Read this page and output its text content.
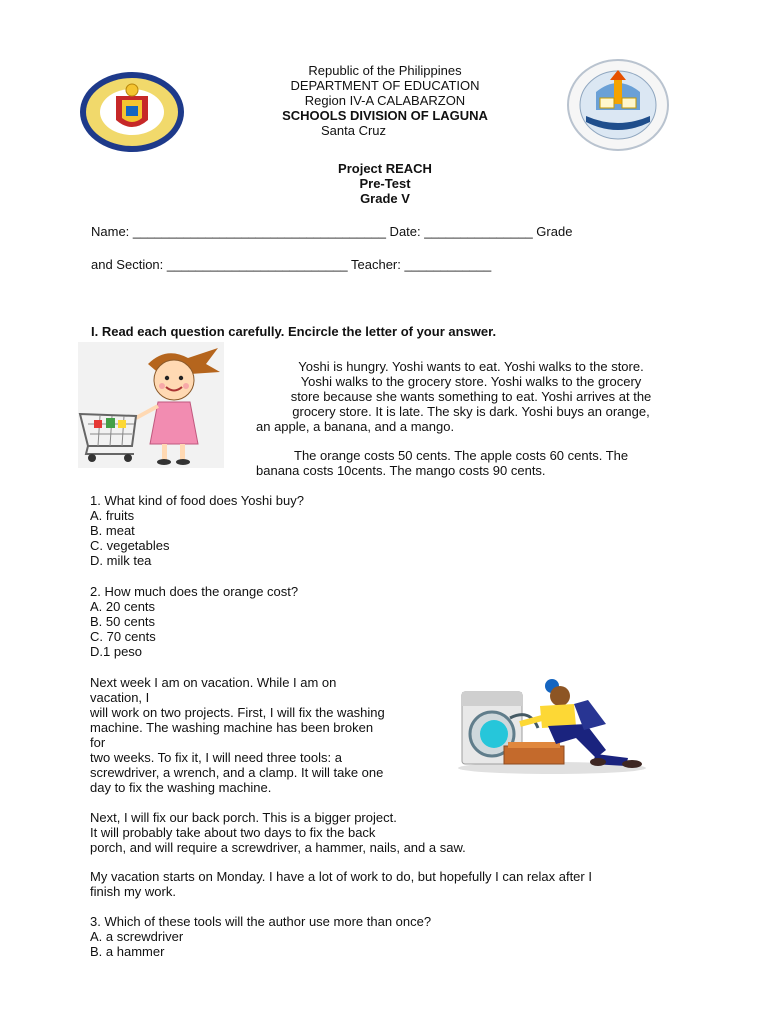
Republic of the Philippines
DEPARTMENT OF EDUCATION
Region IV-A CALABARZON
SCHOOLS DIVISION OF LAGUNA
Santa Cruz
Project REACH
Pre-Test
Grade V
Name: ___________________________________ Date: _______________ Grade
and Section: _________________________ Teacher: ____________
I. Read each question carefully. Encircle the letter of your answer.
Yoshi is hungry. Yoshi wants to eat. Yoshi walks to the store.
Yoshi walks to the grocery store. Yoshi walks to the grocery
store because she wants something to eat. Yoshi arrives at the
grocery store. It is late. The sky is dark. Yoshi buys an orange,
an apple, a banana, and a mango.
The orange costs 50 cents. The apple costs 60 cents. The
banana costs 10cents. The mango costs 90 cents.
1. What kind of food does Yoshi buy?
A. fruits
B. meat
C. vegetables
D. milk tea
2. How much does the orange cost?
A. 20 cents
B. 50 cents
C. 70 cents
D.1 peso
Next week I am on vacation. While I am on
vacation, I
will work on two projects. First, I will fix the washing
machine. The washing machine has been broken
for
two weeks. To fix it, I will need three tools: a
screwdriver, a wrench, and a clamp. It will take one
day to fix the washing machine.
Next, I will fix our back porch. This is a bigger project.
It will probably take about two days to fix the back
porch, and will require a screwdriver, a hammer, nails, and a saw.
My vacation starts on Monday. I have a lot of work to do, but hopefully I can relax after I
finish my work.
3. Which of these tools will the author use more than once?
A. a screwdriver
B. a hammer
